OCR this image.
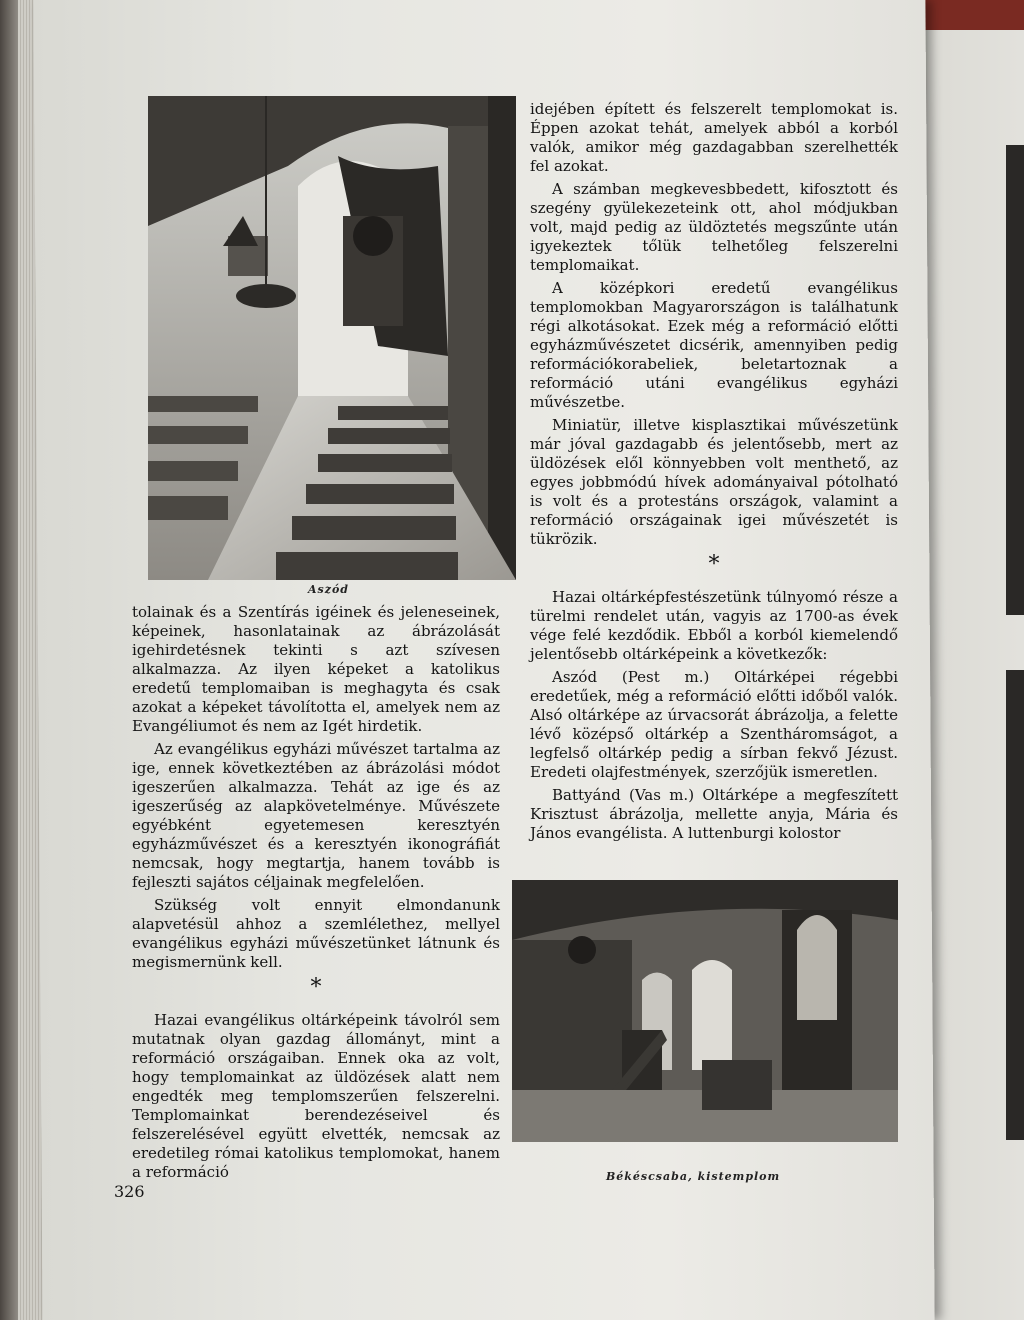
Aszód

tolainak és a Szentírás igéinek és jeleneseinek, képeinek, hasonlatainak az ábrázolását igehirdetésnek tekinti s azt szívesen alkalmazza. Az ilyen képeket a katolikus eredetű templomaiban is meghagyta és csak azokat a képeket távolította el, amelyek nem az Evangéliumot és nem az Igét hirdetik.

Az evangélikus egyházi művészet tartalma az ige, ennek következtében az ábrázolási módot igeszerűen alkalmazza. Tehát az ige és az igeszerűség az alapkövetelménye. Művészete egyébként egyetemesen keresztyén egyházművészet és a keresztyén ikonográfiát nemcsak, hogy megtartja, hanem tovább is fejleszti sajátos céljainak megfelelően.

Szükség volt ennyit elmondanunk alapvetésül ahhoz a szemlélethez, mellyel evangélikus egyházi művészetünket látnunk és megismernünk kell.

*

Hazai evangélikus oltárképeink távolról sem mutatnak olyan gazdag állományt, mint a reformáció országaiban. Ennek oka az volt, hogy templomainkat az üldözések alatt nem engedték meg templomszerűen felszerelni. Templomainkat berendezéseivel és felszerelésével együtt elvették, nemcsak az eredetileg római katolikus templomokat, hanem a reformáció

idejében épített és felszerelt templomokat is. Éppen azokat tehát, amelyek abból a korból valók, amikor még gazdagabban szerelhették fel azokat.

A számban megkevesbbedett, kifosztott és szegény gyülekezeteink ott, ahol módjukban volt, majd pedig az üldöztetés megszűnte után igyekeztek tőlük telhetőleg felszerelni templomaikat.

A középkori eredetű evangélikus templomokban Magyarországon is találhatunk régi alkotásokat. Ezek még a reformáció előtti egyházművészetet dicsérik, amennyiben pedig reformációkorabeliek, beletartoznak a reformáció utáni evangélikus egyházi művészetbe.

Miniatür, illetve kisplasztikai művészetünk már jóval gazdagabb és jelentősebb, mert az üldözések elől könnyebben volt menthető, az egyes jobbmódú hívek adományaival pótolható is volt és a protestáns országok, valamint a reformáció országainak igei művészetét is tükrözik.

*

Hazai oltárképfestészetünk túlnyomó része a türelmi rendelet után, vagyis az 1700-as évek vége felé kezdődik. Ebből a korból kiemelendő jelentősebb oltárképeink a következők:

Aszód (Pest m.) Oltárképei régebbi eredetűek, még a reformáció előtti időből valók. Alsó oltárképe az úrvacsorát ábrázolja, a felette lévő középső oltárkép a Szentháromságot, a legfelső oltárkép pedig a sírban fekvő Jézust. Eredeti olajfestmények, szerzőjük ismeretlen.

Battyánd (Vas m.) Oltárképe a megfeszített Krisztust ábrázolja, mellette anyja, Mária és János evangélista. A luttenburgi kolostor

Békéscsaba, kistemplom
326
